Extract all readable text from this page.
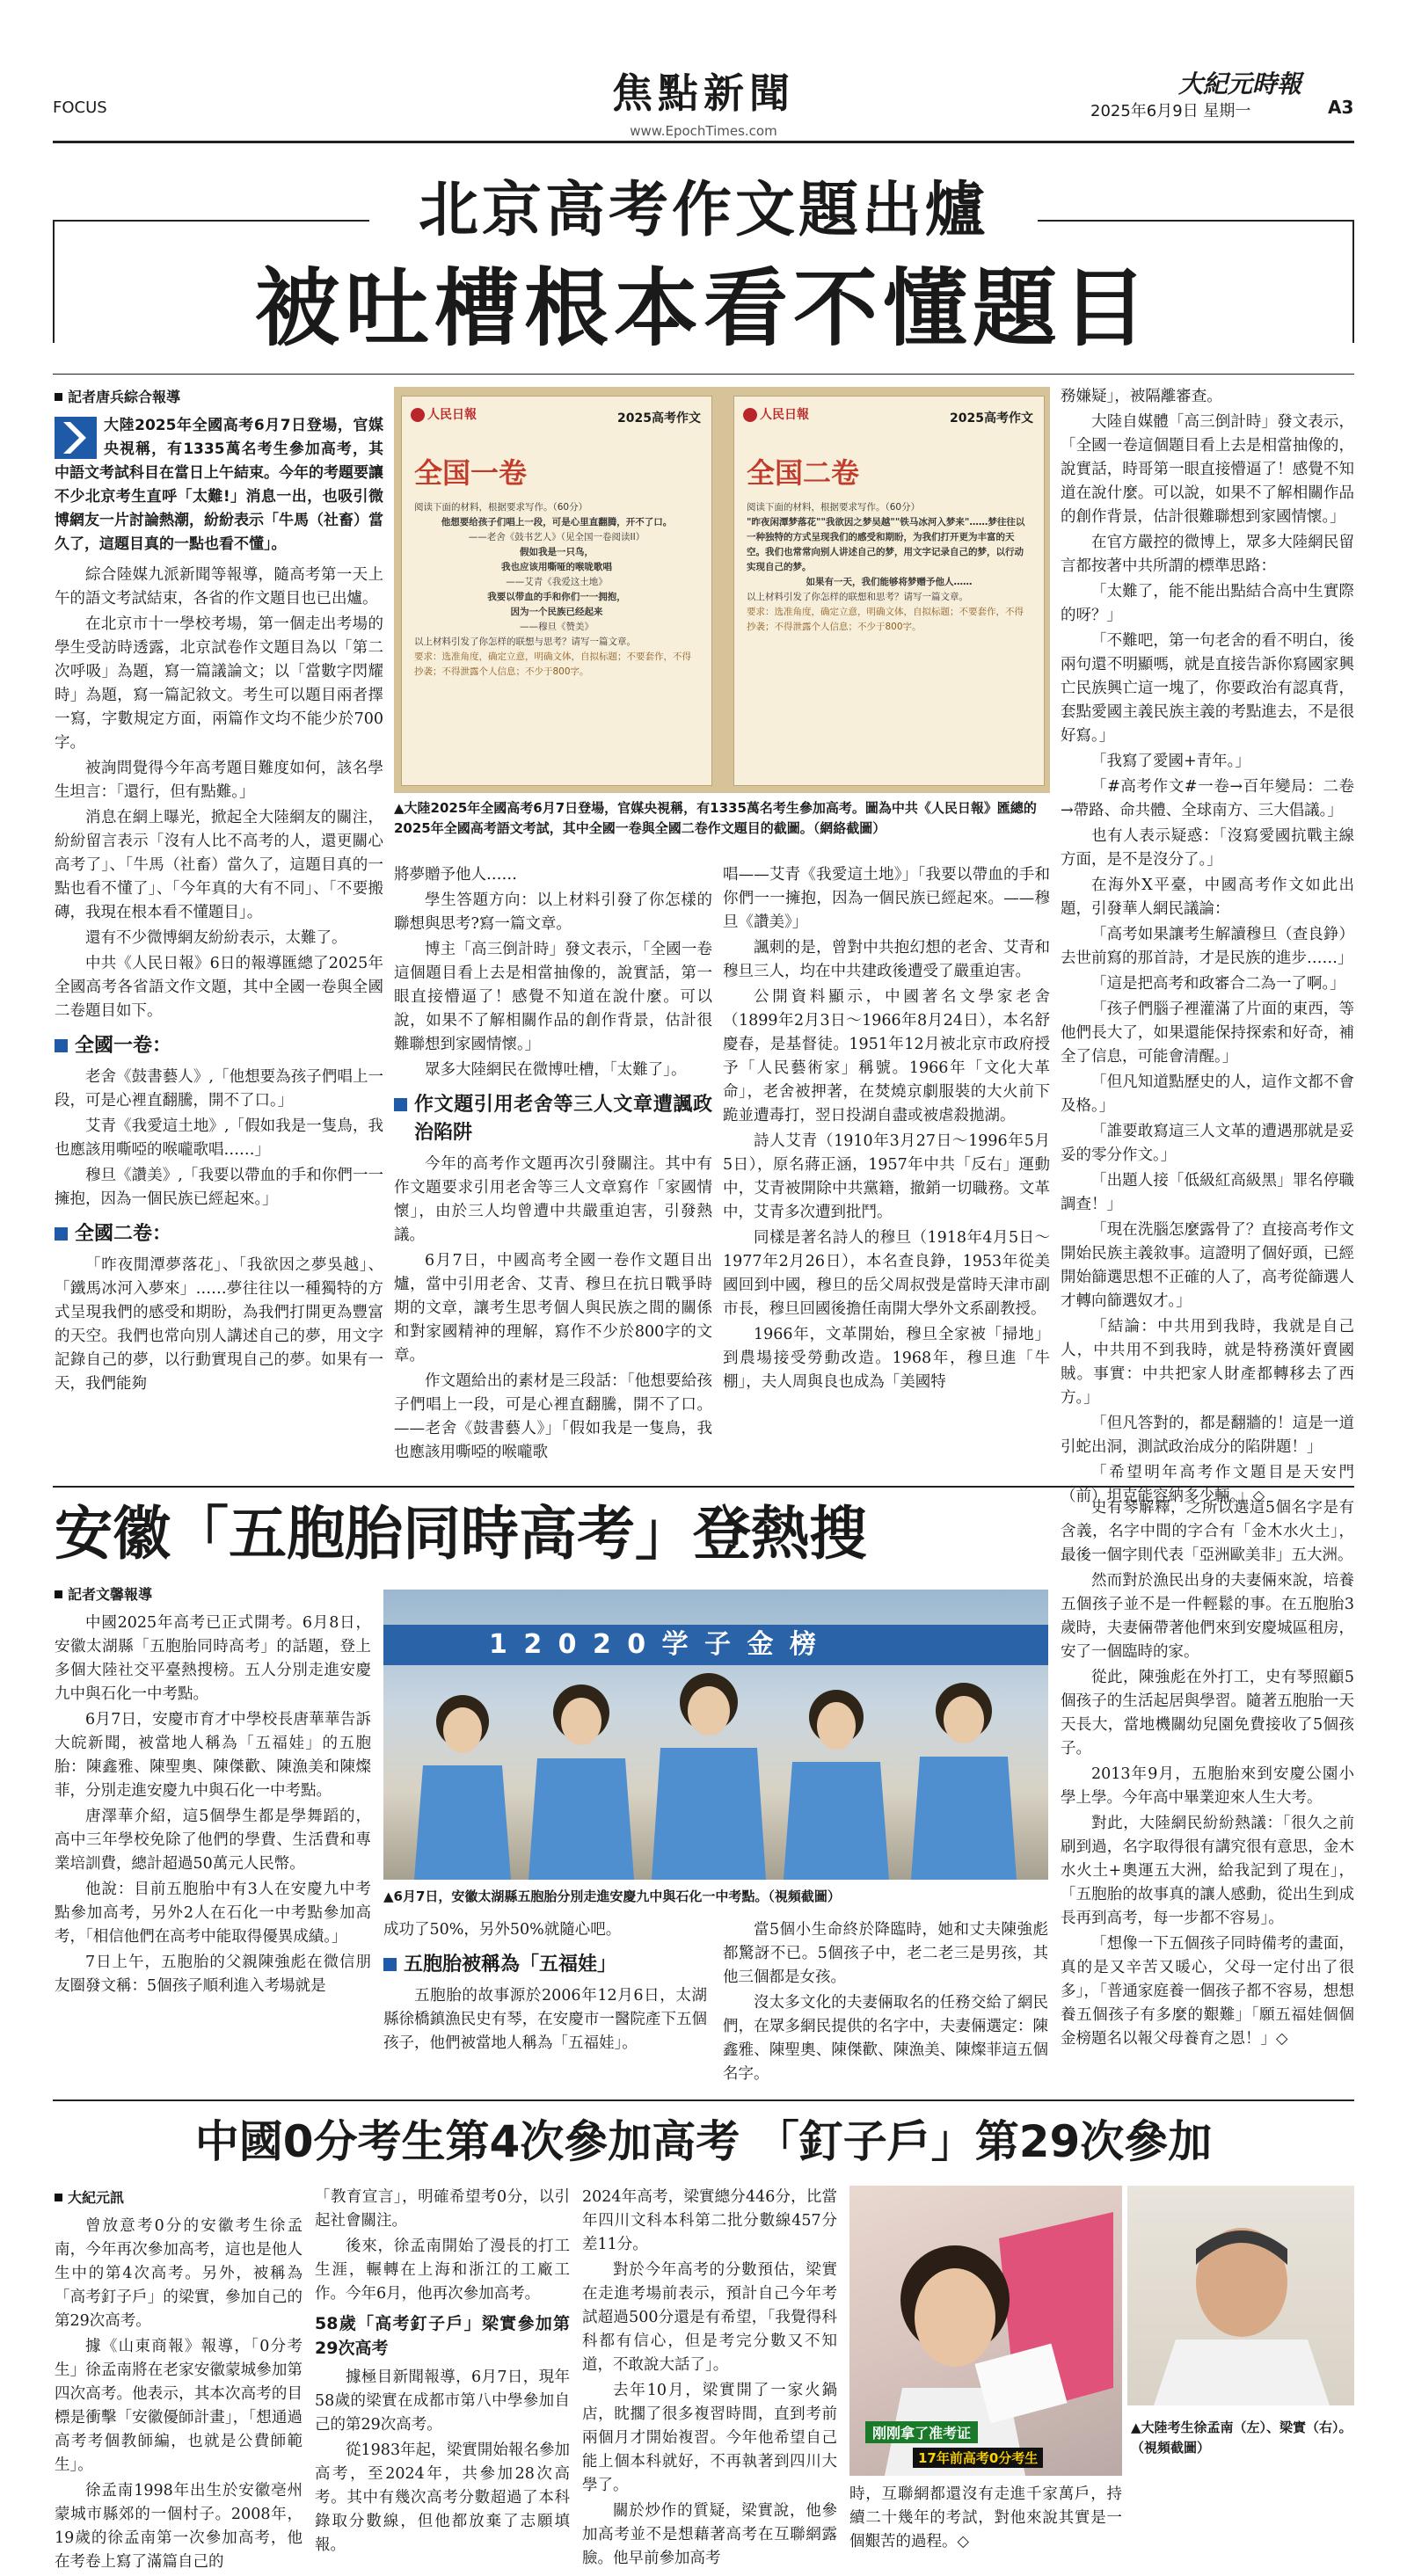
FOCUS	焦點新聞
www.EpochTimes.com
大紀元時報
2025年6月9日 星期一	A3
北京高考作文題出爐
被吐槽根本看不懂題目
記者唐兵綜合報導
大陸2025年全國高考6月7日登場，官媒央視稱，有1335萬名考生參加高考，其中語文考試科目在當日上午結束。今年的考題要讓不少北京考生直呼「太難!」消息一出，也吸引微博網友一片討論熱潮，紛紛表示「牛馬（社畜）當久了，這題目真的一點也看不懂」。

綜合陸媒九派新聞等報導，隨高考第一天上午的語文考試結束，各省的作文題目也已出爐。

在北京市十一學校考場，第一個走出考場的學生受訪時透露，北京試卷作文題目為以「第二次呼吸」為題，寫一篇議論文；以「當數字閃耀時」為題，寫一篇記敘文。考生可以題目兩者擇一寫，字數規定方面，兩篇作文均不能少於700字。

被詢問覺得今年高考題目難度如何，該名學生坦言：「還行，但有點難。」

消息在網上曝光，掀起全大陸網友的關注，紛紛留言表示「沒有人比不高考的人，還更關心高考了」、「牛馬（社畜）當久了，這題目真的一點也看不懂了」、「今年真的大有不同」、「不要搬磚，我現在根本看不懂題目」。

還有不少微博網友紛紛表示，太難了。

中共《人民日報》6日的報導匯總了2025年全國高考各省語文作文題，其中全國一卷與全國二卷題目如下。

全國一卷：

老舍《鼓書藝人》,「他想要為孩子們唱上一段，可是心裡直翻騰，開不了口。」

艾青《我愛這土地》,「假如我是一隻鳥，我也應該用嘶啞的喉嚨歌唱……」

穆旦《讚美》,「我要以帶血的手和你們一一擁抱，因為一個民族已經起來。」

全國二卷：

「昨夜閒潭夢落花」、「我欲因之夢吳越」、「鐵馬冰河入夢來」……夢往往以一種獨特的方式呈現我們的感受和期盼，為我們打開更為豐富的天空。我們也常向別人講述自己的夢，用文字記錄自己的夢，以行動實現自己的夢。如果有一天，我們能夠

人民日報	2025高考作文
全国一卷
阅读下面的材料，根据要求写作。（60分）
他想要给孩子们唱上一段，可是心里直翻腾，开不了口。
——老舍《鼓书艺人》（见全国一卷阅读II）
假如我是一只鸟，
我也应该用嘶哑的喉咙歌唱
——艾青《我爱这土地》
我要以带血的手和你们一一拥抱，
因为一个民族已经起来
——穆旦《赞美》
以上材料引发了你怎样的联想与思考？请写一篇文章。
要求：选准角度，确定立意，明确文体，自拟标题；不要套作，不得抄袭；不得泄露个人信息；不少于800字。
人民日報	2025高考作文
全国二卷
阅读下面的材料，根据要求写作。（60分）
"昨夜闲潭梦落花""我欲因之梦吴越""铁马冰河入梦来"……梦往往以一种独特的方式呈现我们的感受和期盼，为我们打开更为丰富的天空。我们也常常向别人讲述自己的梦，用文字记录自己的梦，以行动实现自己的梦。
如果有一天，我们能够将梦赠予他人……
以上材料引发了你怎样的联想和思考？请写一篇文章。
要求：选准角度，确定立意，明确文体，自拟标题；不要套作，不得抄袭；不得泄露个人信息；不少于800字。
▲大陸2025年全國高考6月7日登場，官媒央視稱，有1335萬名考生參加高考。圖為中共《人民日報》匯總的2025年全國高考語文考試，其中全國一卷與全國二卷作文題目的截圖。（網絡截圖）

將夢贈予他人……

學生答題方向：以上材料引發了你怎樣的聯想與思考?寫一篇文章。

博主「高三倒計時」發文表示，「全國一卷這個題目看上去是相當抽像的，說實話，第一眼直接懵逼了！感覺不知道在說什麼。可以說，如果不了解相關作品的創作背景，估計很難聯想到家國情懷。」

眾多大陸網民在微博吐槽，「太難了」。

作文題引用老舍等三人文章遭諷政治陷阱

今年的高考作文題再次引發關注。其中有作文題要求引用老舍等三人文章寫作「家國情懷」，由於三人均曾遭中共嚴重迫害，引發熱議。

6月7日，中國高考全國一卷作文題目出爐，當中引用老舍、艾青、穆旦在抗日戰爭時期的文章，讓考生思考個人與民族之間的關係和對家國精神的理解，寫作不少於800字的文章。

作文題給出的素材是三段話：「他想要給孩子們唱上一段，可是心裡直翻騰，開不了口。——老舍《鼓書藝人》」「假如我是一隻鳥，我也應該用嘶啞的喉嚨歌

唱——艾青《我愛這土地》」「我要以帶血的手和你們一一擁抱，因為一個民族已經起來。——穆旦《讚美》」

諷刺的是，曾對中共抱幻想的老舍、艾青和穆旦三人，均在中共建政後遭受了嚴重迫害。

公開資料顯示，中國著名文學家老舍（1899年2月3日～1966年8月24日），本名舒慶春，是基督徒。1951年12月被北京市政府授予「人民藝術家」稱號。1966年「文化大革命」，老舍被押著，在焚燒京劇服裝的大火前下跪並遭毒打，翌日投湖自盡或被虐殺拋湖。

詩人艾青（1910年3月27日～1996年5月5日），原名蔣正涵，1957年中共「反右」運動中，艾青被開除中共黨籍，撤銷一切職務。文革中，艾青多次遭到批鬥。

同樣是著名詩人的穆旦（1918年4月5日～1977年2月26日），本名查良錚，1953年從美國回到中國，穆旦的岳父周叔弢是當時天津市副市長，穆旦回國後擔任南開大學外文系副教授。

1966年，文革開始，穆旦全家被「掃地」到農場接受勞動改造。1968年，穆旦進「牛棚」，夫人周與良也成為「美國特

務嫌疑」，被隔離審查。

大陸自媒體「高三倒計時」發文表示，「全國一卷這個題目看上去是相當抽像的，說實話，時哥第一眼直接懵逼了！感覺不知道在說什麼。可以說，如果不了解相關作品的創作背景，估計很難聯想到家國情懷。」

在官方嚴控的微博上，眾多大陸網民留言都按著中共所謂的標準思路：

「太難了，能不能出點結合高中生實際的呀？」

「不難吧，第一句老舍的看不明白，後兩句還不明顯嗎，就是直接告訴你寫國家興亡民族興亡這一塊了，你要政治有認真背，套點愛國主義民族主義的考點進去，不是很好寫。」

「我寫了愛國+青年。」

「#高考作文#一卷→百年變局：二卷→帶路、命共體、全球南方、三大倡議。」

也有人表示疑惑：「沒寫愛國抗戰主線方面，是不是沒分了。」

在海外X平臺，中國高考作文如此出題，引發華人網民議論：

「高考如果讓考生解讀穆旦（查良錚）去世前寫的那首詩，才是民族的進步……」

「這是把高考和政審合二為一了啊。」

「孩子們腦子裡灌滿了片面的東西，等他們長大了，如果還能保持探索和好奇，補全了信息，可能會清醒。」

「但凡知道點歷史的人，這作文都不會及格。」

「誰要敢寫這三人文革的遭遇那就是妥妥的零分作文。」

「出題人接「低級紅高級黑」罪名停職調查！」

「現在洗腦怎麼露骨了？直接高考作文開始民族主義敘事。這證明了個好頭，已經開始篩選思想不正確的人了，高考從篩選人才轉向篩選奴才。」

「結論：中共用到我時，我就是自己人，中共用不到我時，就是特務漢奸賣國賊。事實：中共把家人財產都轉移去了西方。」

「但凡答對的，都是翻牆的！這是一道引蛇出洞，測試政治成分的陷阱題！」

「希望明年高考作文題目是天安門（前）坦克能容納多少輛。」◇

安徽「五胞胎同時高考」登熱搜
記者文馨報導

中國2025年高考已正式開考。6月8日，安徽太湖縣「五胞胎同時高考」的話題，登上多個大陸社交平臺熱搜榜。五人分別走進安慶九中與石化一中考點。

6月7日，安慶市育才中學校長唐華華告訴大皖新聞，被當地人稱為「五福娃」的五胞胎：陳鑫雅、陳聖奧、陳傑歡、陳漁美和陳燦菲，分別走進安慶九中與石化一中考點。

唐澤華介紹，這5個學生都是學舞蹈的，高中三年學校免除了他們的學費、生活費和專業培訓費，總計超過50萬元人民幣。

他說：目前五胞胎中有3人在安慶九中考點參加高考，另外2人在石化一中考點參加高考，「相信他們在高考中能取得優異成績。」

7日上午，五胞胎的父親陳強彪在微信朋友圈發文稱：5個孩子順利進入考場就是

1 2 0 2 0 学 子 金 榜
▲6月7日，安徽太湖縣五胞胎分別走進安慶九中與石化一中考點。（視頻截圖）

成功了50%，另外50%就隨心吧。

五胞胎被稱為「五福娃」

五胞胎的故事源於2006年12月6日，太湖縣徐橋鎮漁民史有琴，在安慶市一醫院產下五個孩子，他們被當地人稱為「五福娃」。

當5個小生命終於降臨時，她和丈夫陳強彪都驚訝不已。5個孩子中，老二老三是男孩，其他三個都是女孩。

沒太多文化的夫妻倆取名的任務交給了網民們，在眾多網民提供的名字中，夫妻倆選定：陳鑫雅、陳聖奧、陳傑歡、陳漁美、陳燦菲這五個名字。

史有琴解釋，之所以選這5個名字是有含義，名字中間的字合有「金木水火土」，最後一個字則代表「亞洲歐美非」五大洲。

然而對於漁民出身的夫妻倆來說，培養五個孩子並不是一件輕鬆的事。在五胞胎3歲時，夫妻倆帶著他們來到安慶城區租房，安了一個臨時的家。

從此，陳強彪在外打工，史有琴照顧5個孩子的生活起居與學習。隨著五胞胎一天天長大，當地機關幼兒園免費接收了5個孩子。

2013年9月，五胞胎來到安慶公園小學上學。今年高中畢業迎來人生大考。

對此，大陸網民紛紛熱議：「很久之前刷到過，名字取得很有講究很有意思，金木水火土+奧運五大洲，給我記到了現在」，「五胞胎的故事真的讓人感動，從出生到成長再到高考，每一步都不容易」。

「想像一下五個孩子同時備考的畫面，真的是又辛苦又暖心，父母一定付出了很多」，「普通家庭養一個孩子都不容易，想想養五個孩子有多麼的艱難」「願五福娃個個金榜題名以報父母養育之恩！」◇

中國0分考生第4次參加高考 「釘子戶」第29次參加
大紀元訊

曾放意考0分的安徽考生徐孟南，今年再次參加高考，這也是他人生中的第4次高考。另外，被稱為「高考釘子戶」的梁實，參加自己的第29次高考。

據《山東商報》報導，「0分考生」徐孟南將在老家安徽蒙城參加第四次高考。他表示，其本次高考的目標是衝擊「安徽優師計畫」，「想通過高考考個教師編，也就是公費師範生」。

徐孟南1998年出生於安徽亳州蒙城市縣郊的一個村子。2008年，19歲的徐孟南第一次參加高考，他在考卷上寫了滿篇自己的

「教育宣言」，明確希望考0分，以引起社會關注。

後來，徐孟南開始了漫長的打工生涯，輾轉在上海和浙江的工廠工作。今年6月，他再次參加高考。

58歲「高考釘子戶」梁實參加第29次高考

據極目新聞報導，6月7日，現年58歲的梁實在成都市第八中學參加自己的第29次高考。

從1983年起，梁實開始報名參加高考，至2024年，共參加28次高考。其中有幾次高考分數超過了本科錄取分數線，但他都放棄了志願填報。

2024年高考，梁實總分446分，比當年四川文科本科第二批分數線457分差11分。

對於今年高考的分數預估，梁實在走進考場前表示，預計自己今年考試超過500分還是有希望，「我覺得科科都有信心，但是考完分數又不知道，不敢說大話了」。

去年10月，梁實開了一家火鍋店，眈擱了很多複習時間，直到考前兩個月才開始複習。今年他希望自己能上個本科就好，不再執著到四川大學了。

關於炒作的質疑，梁實說，他參加高考並不是想藉著高考在互聯網露臉。他早前參加高考

刚刚拿了准考证
17年前高考0分考生

時，互聯網都還沒有走進千家萬戶，持續二十幾年的考試，對他來說其實是一個艱苦的過程。◇

▲大陸考生徐孟南（左）、梁實（右）。（視頻截圖）
